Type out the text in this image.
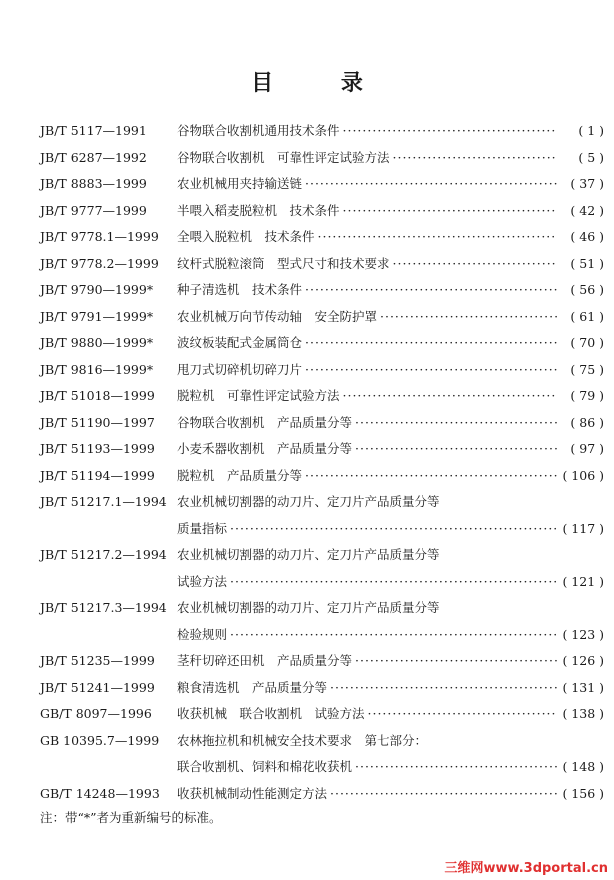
目 录
JB/T 5117—1991 谷物联合收割机通用技术条件 ·····	( 1 )
JB/T 6287—1992 谷物联合收割机　可靠性评定试验方法 ·····	( 5 )
JB/T 8883—1999 农业机械用夹持输送链 ·····	( 37 )
JB/T 9777—1999 半喂入稻麦脱粒机　技术条件 ·····	( 42 )
JB/T 9778.1—1999 全喂入脱粒机　技术条件 ·····	( 46 )
JB/T 9778.2—1999 纹杆式脱粒滚筒　型式尺寸和技术要求 ·····	( 51 )
JB/T 9790—1999* 种子清选机　技术条件 ·····	( 56 )
JB/T 9791—1999* 农业机械万向节传动轴　安全防护罩 ·····	( 61 )
JB/T 9880—1999* 波纹板装配式金属筒仓 ·····	( 70 )
JB/T 9816—1999* 甩刀式切碎机切碎刀片 ·····	( 75 )
JB/T 51018—1999 脱粒机　可靠性评定试验方法 ·····	( 79 )
JB/T 51190—1997 谷物联合收割机　产品质量分等 ·····	( 86 )
JB/T 51193—1999 小麦禾器收割机　产品质量分等 ·····	( 97 )
JB/T 51194—1999 脱粒机　产品质量分等 ·····	( 106 )
JB/T 51217.1—1994 农业机械切割器的动刀片、定刀片产品质量分等
质量指标 ·····	( 117 )
JB/T 51217.2—1994 农业机械切割器的动刀片、定刀片产品质量分等
试验方法 ·····	( 121 )
JB/T 51217.3—1994 农业机械切割器的动刀片、定刀片产品质量分等
检验规则 ·····	( 123 )
JB/T 51235—1999 茎秆切碎还田机　产品质量分等 ·····	( 126 )
JB/T 51241—1999 粮食清选机　产品质量分等 ·····	( 131 )
GB/T 8097—1996 收获机械　联合收割机　试验方法 ·····	( 138 )
GB 10395.7—1999 农林拖拉机和机械安全技术要求　第七部分：
联合收割机、饲料和棉花收获机 ·····	( 148 )
GB/T 14248—1993 收获机械制动性能测定方法 ·····	( 156 )
注：带“*”者为重新编号的标准。
三维网www.3dportal.cn
